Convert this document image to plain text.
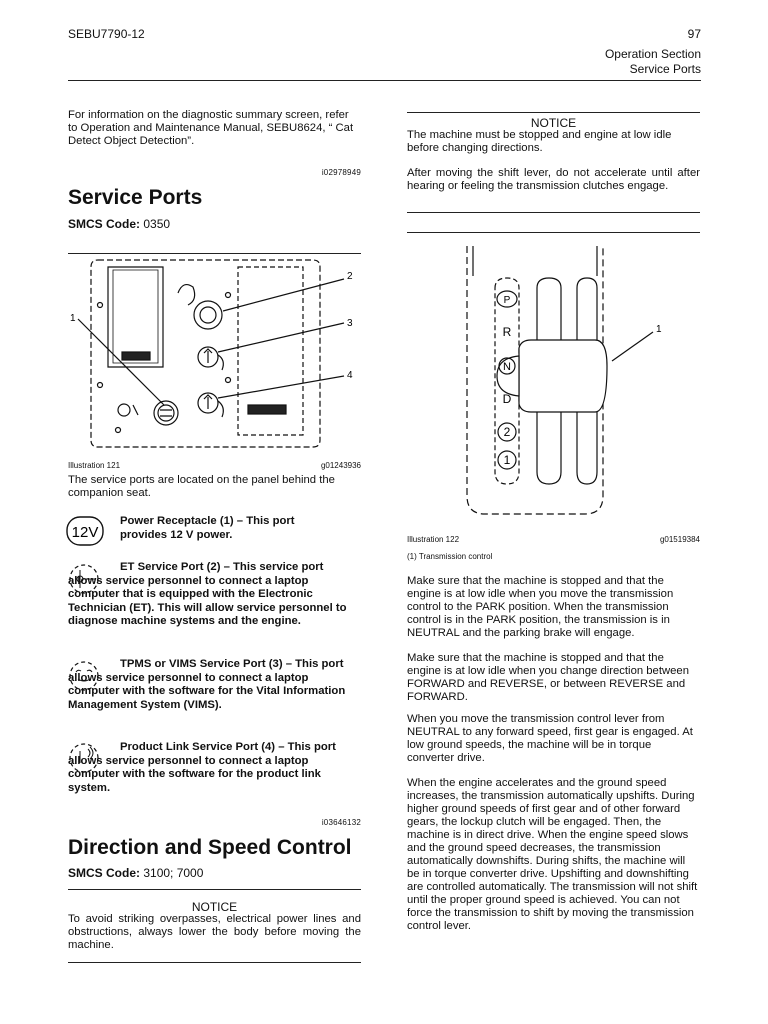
SEBU7790-12	97
Operation Section
Service Ports
For information on the diagnostic summary screen, refer to Operation and Maintenance Manual, SEBU8624, “ Cat Detect Object Detection”.
i02978949
Service Ports
SMCS Code: 0350
2
3
4
1
Illustration 121	g01243936
The service ports are located on the panel behind the companion seat.
12V
Power Receptacle (1) – This port provides 12 V power.
ET Service Port (2) – This service port allows service personnel to connect a laptop computer that is equipped with the Electronic Technician (ET). This will allow service personnel to diagnose machine systems and the engine.
TPMS or VIMS Service Port (3) – This port allows service personnel to connect a laptop computer with the software for the Vital Information Management System (VIMS).
Product Link Service Port (4) – This port allows service personnel to connect a laptop computer with the software for the product link system.
i03646132
Direction and Speed Control
SMCS Code: 3100; 7000
NOTICE
To avoid striking overpasses, electrical power lines and obstructions, always lower the body before moving the machine.
NOTICE
The machine must be stopped and engine at low idle before changing directions.
After moving the shift lever, do not accelerate until after hearing or feeling the transmission clutches engage.
P
R
N
D
2
1
1
Illustration 122	g01519384
(1) Transmission control
Make sure that the machine is stopped and that the engine is at low idle when you move the transmission control to the PARK position. When the transmission control is in the PARK position, the transmission is in NEUTRAL and the parking brake will engage.
Make sure that the machine is stopped and that the engine is at low idle when you change direction between FORWARD and REVERSE, or between REVERSE and FORWARD.
When you move the transmission control lever from NEUTRAL to any forward speed, first gear is engaged. At low ground speeds, the machine will be in torque converter drive.
When the engine accelerates and the ground speed increases, the transmission automatically upshifts. During higher ground speeds of first gear and of other forward gears, the lockup clutch will be engaged. Then, the machine is in direct drive. When the engine speed slows and the ground speed decreases, the transmission automatically downshifts. During shifts, the machine will be in torque converter drive. Upshifting and downshifting are controlled automatically. The transmission will not shift until the proper ground speed is achieved. You can not force the transmission to shift by moving the transmission control lever.
